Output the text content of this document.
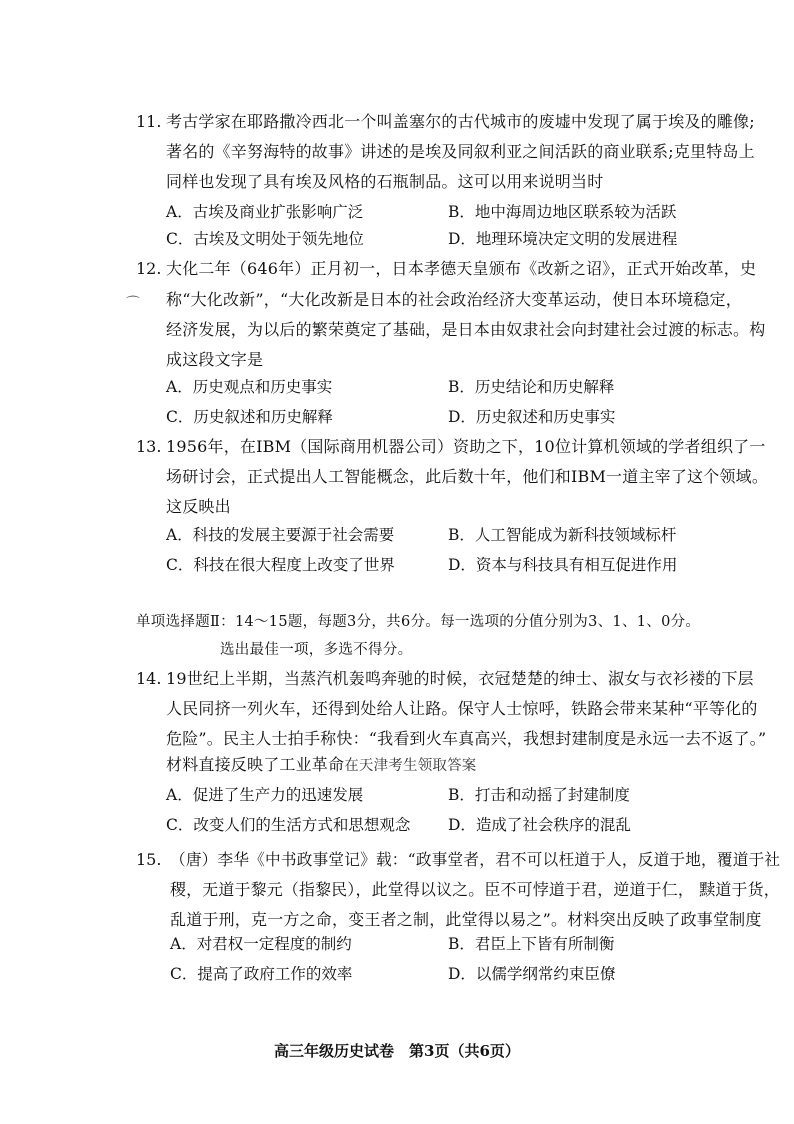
11. 考古学家在耶路撒冷西北一个叫盖塞尔的古代城市的废墟中发现了属于埃及的雕像;
著名的《辛努海特的故事》讲述的是埃及同叙利亚之间活跃的商业联系;克里特岛上
同样也发现了具有埃及风格的石瓶制品。这可以用来说明当时
A．古埃及商业扩张影响广泛	B．地中海周边地区联系较为活跃
C．古埃及文明处于领先地位	D．地理环境决定文明的发展进程
12. 大化二年（646年）正月初一，日本孝德天皇颁布《改新之诏》，正式开始改革，史
⌒ 称“大化改新”，“大化改新是日本的社会政治经济大变革运动，使日本环境稳定，
经济发展，为以后的繁荣奠定了基础，是日本由奴隶社会向封建社会过渡的标志。构
成这段文字是
A．历史观点和历史事实	B．历史结论和历史解释
C．历史叙述和历史解释	D．历史叙述和历史事实
13. 1956年，在IBM（国际商用机器公司）资助之下，10位计算机领域的学者组织了一
场研讨会，正式提出人工智能概念，此后数十年，他们和IBM一道主宰了这个领域。
这反映出
A．科技的发展主要源于社会需要	B．人工智能成为新科技领域标杆
C．科技在很大程度上改变了世界	D．资本与科技具有相互促进作用
单项选择题Ⅱ：14～15题，每题3分，共6分。每一选项的分值分别为3、1、1、0分。
选出最佳一项，多选不得分。
14. 19世纪上半期，当蒸汽机轰鸣奔驰的时候，衣冠楚楚的绅士、淑女与衣衫褛的下层
人民同挤一列火车，还得到处给人让路。保守人士惊呼，铁路会带来某种“平等化的
危险”。民主人士拍手称快：“我看到火车真高兴，我想封建制度是永远一去不返了。”
材料直接反映了工业革命在天津考生领取答案
A．促进了生产力的迅速发展	B．打击和动摇了封建制度
C．改变人们的生活方式和思想观念 D．造成了社会秩序的混乱
15. （唐）李华《中书政事堂记》载：“政事堂者，君不可以枉道于人，反道于地，覆道于社
稷，无道于黎元（指黎民），此堂得以议之。臣不可悖道于君，逆道于仁， 黩道于货，
乱道于刑，克一方之命，变王者之制，此堂得以易之”。材料突出反映了政事堂制度
A．对君权一定程度的制约	B．君臣上下皆有所制衡
C．提高了政府工作的效率	D．以儒学纲常约束臣僚
高三年级历史试卷　第3页（共6页）
